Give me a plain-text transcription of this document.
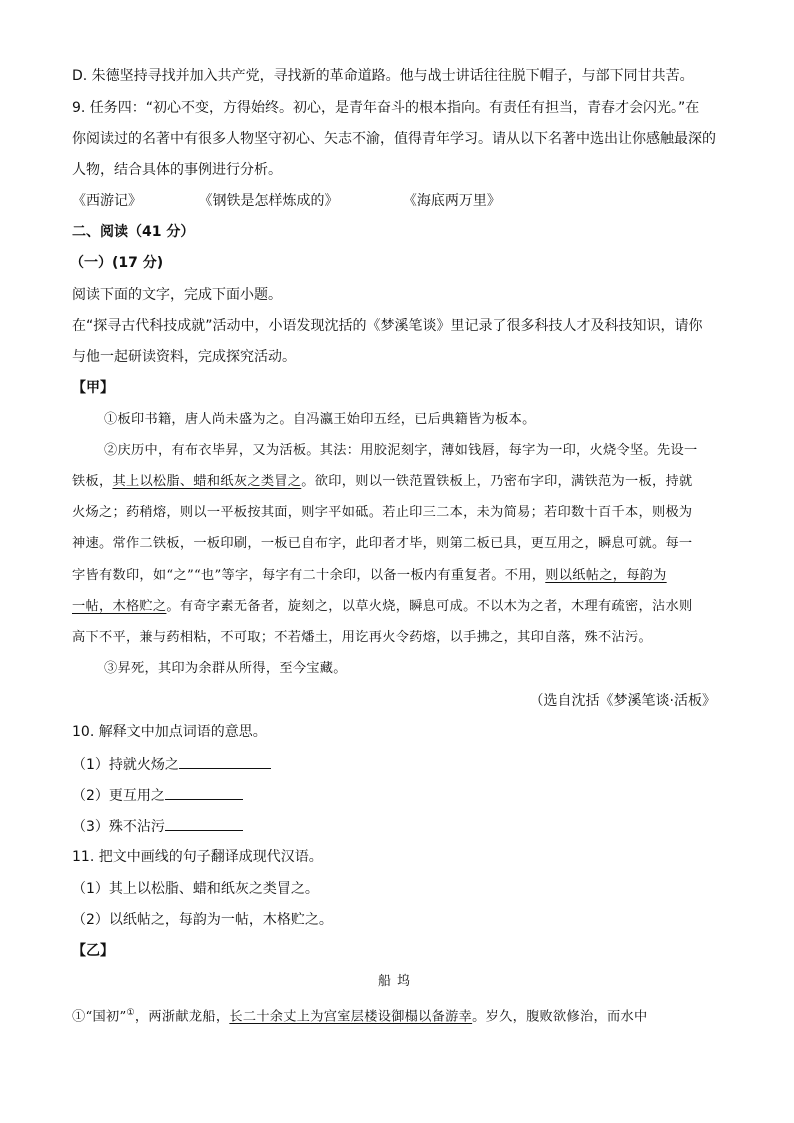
D. 朱德坚持寻找并加入共产党，寻找新的革命道路。他与战士讲话往往脱下帽子，与部下同甘共苦。
9. 任务四：“初心不变，方得始终。初心，是青年奋斗的根本指向。有责任有担当，青春才会闪光。”在
你阅读过的名著中有很多人物坚守初心、矢志不渝，值得青年学习。请从以下名著中选出让你感触最深的
人物，结合具体的事例进行分析。
《西游记》	《钢铁是怎样炼成的》	《海底两万里》
二、阅读（41 分）
（一）(17 分)
阅读下面的文字，完成下面小题。
在“探寻古代科技成就”活动中，小语发现沈括的《梦溪笔谈》里记录了很多科技人才及科技知识，请你
与他一起研读资料，完成探究活动。
【甲】
①板印书籍，唐人尚未盛为之。自冯瀛王始印五经，已后典籍皆为板本。
②庆历中，有布衣毕昇，又为活板。其法：用胶泥刻字，薄如钱唇，每字为一印，火烧令坚。先设一
铁板，其上以松脂、蜡和纸灰之类冒之。欲印，则以一铁范置铁板上，乃密布字印，满铁范为一板，持就
火炀之；药稍熔，则以一平板按其面，则字平如砥。若止印三二本，未为简易；若印数十百千本，则极为
神速。常作二铁板，一板印刷，一板已自布字，此印者才毕，则第二板已具，更互用之，瞬息可就。每一
字皆有数印，如“之”“也”等字，每字有二十余印，以备一板内有重复者。不用，则以纸帖之，每韵为
一帖，木格贮之。有奇字素无备者，旋刻之，以草火烧，瞬息可成。不以木为之者，木理有疏密，沾水则
高下不平，兼与药相粘，不可取；不若燔土，用讫再火令药熔，以手拂之，其印自落，殊不沾污。
③昇死，其印为余群从所得，至今宝藏。
（选自沈括《梦溪笔谈·活板》
10. 解释文中加点词语的意思。
（1）持就火炀之
（2）更互用之
（3）殊不沾污
11. 把文中画线的句子翻译成现代汉语。
（1）其上以松脂、蜡和纸灰之类冒之。
（2）以纸帖之，每韵为一帖，木格贮之。
【乙】
船坞
①“国初”①，两浙献龙船，长二十余丈上为宫室层楼设御榻以备游幸。岁久，腹败欲修治，而水中
